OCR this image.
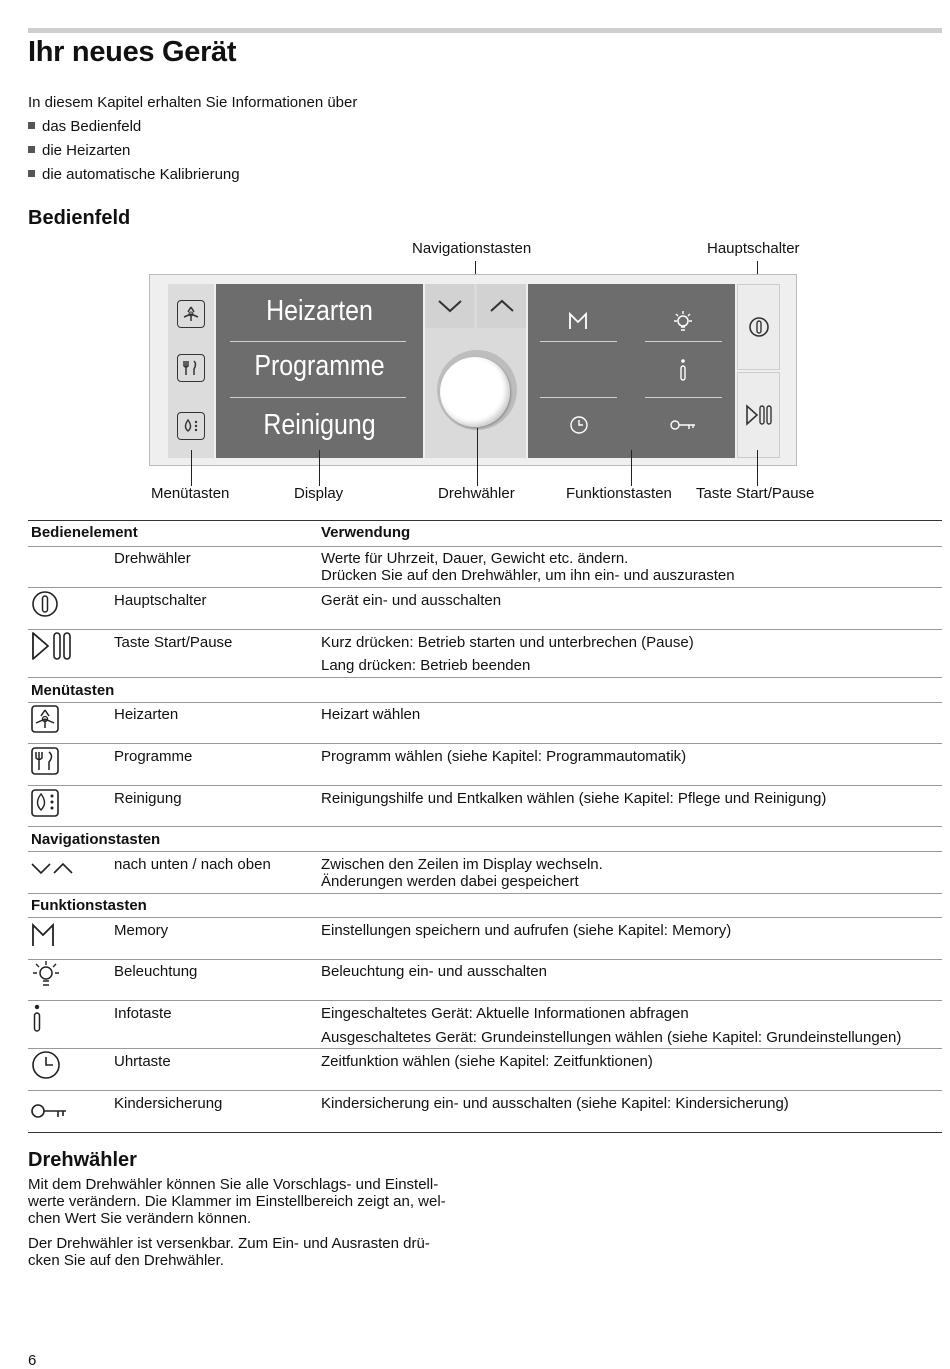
Ihr neues Gerät
In diesem Kapitel erhalten Sie Informationen über
das Bedienfeld
die Heizarten
die automatische Kalibrierung
Bedienfeld
Navigationstasten	Hauptschalter
Heizarten
Programme
Reinigung
Menütasten	Display	Drehwähler	Funktionstasten Taste Start/Pause
Bedienelement	Verwendung
Drehwähler	Werte für Uhrzeit, Dauer, Gewicht etc. ändern.
Drücken Sie auf den Drehwähler, um ihn ein- und auszurasten
Hauptschalter	Gerät ein- und ausschalten
Taste Start/Pause	Kurz drücken: Betrieb starten und unterbrechen (Pause)
Lang drücken: Betrieb beenden
Menütasten
Heizarten	Heizart wählen
Programme	Programm wählen (siehe Kapitel: Programmautomatik)
Reinigung	Reinigungshilfe und Entkalken wählen (siehe Kapitel: Pflege und Reinigung)
Navigationstasten
nach unten / nach oben	Zwischen den Zeilen im Display wechseln.
Änderungen werden dabei gespeichert
Funktionstasten
Memory	Einstellungen speichern und aufrufen (siehe Kapitel: Memory)
Beleuchtung	Beleuchtung ein- und ausschalten
Infotaste	Eingeschaltetes Gerät: Aktuelle Informationen abfragen
Ausgeschaltetes Gerät: Grundeinstellungen wählen (siehe Kapitel: Grundeinstellungen)
Uhrtaste	Zeitfunktion wählen (siehe Kapitel: Zeitfunktionen)
Kindersicherung	Kindersicherung ein- und ausschalten (siehe Kapitel: Kindersicherung)
Drehwähler
Mit dem Drehwähler können Sie alle Vorschlags- und Einstell-
werte verändern. Die Klammer im Einstellbereich zeigt an, wel-
chen Wert Sie verändern können.
Der Drehwähler ist versenkbar. Zum Ein- und Ausrasten drü-
cken Sie auf den Drehwähler.
6
